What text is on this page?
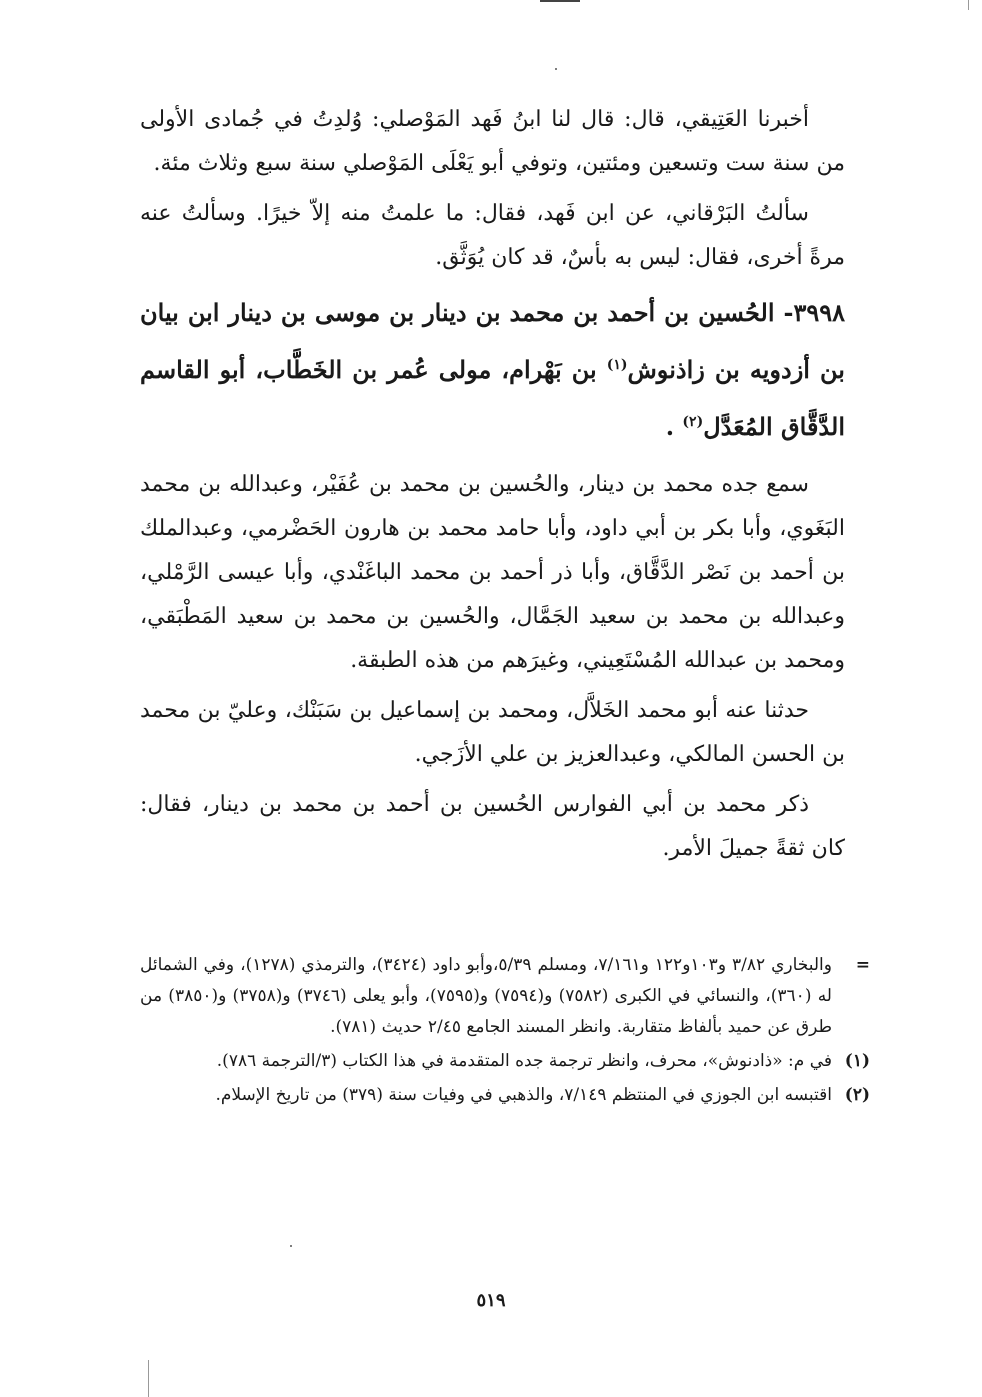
أخبرنا العَتِيقي، قال: قال لنا ابنُ فَهد المَوْصلي: وُلدِتُ في جُمادى الأولى من سنة ست وتسعين ومئتين، وتوفي أبو يَعْلَى المَوْصلي سنة سبع وثلاث مئة.

سألتُ البَرْقاني، عن ابن فَهد، فقال: ما علمتُ منه إلاّ خيرًا. وسألتُ عنه مرةً أخرى، فقال: ليس به بأسٌ، قد كان يُوَثَّق.

٣٩٩٨- الحُسين بن أحمد بن محمد بن دينار بن موسى بن دينار ابن بيان بن أزدويه بن زاذنوش$^{(١)}$ بن بَهْرام، مولى عُمر بن الخَطَّاب، أبو القاسم الدَّقَّاق المُعَدَّل$^{(٢)}$ .

سمع جده محمد بن دينار، والحُسين بن محمد بن عُفَيْر، وعبدالله بن محمد البَغَوي، وأبا بكر بن أبي داود، وأبا حامد محمد بن هارون الحَضْرمي، وعبدالملك بن أحمد بن نَصْر الدَّقَّاق، وأبا ذر أحمد بن محمد الباغَنْدي، وأبا عيسى الرَّمْلي، وعبدالله بن محمد بن سعيد الجَمَّال، والحُسين بن محمد بن سعيد المَطْبَقي، ومحمد بن عبدالله المُسْتَعِيني، وغيرَهم من هذه الطبقة.

حدثنا عنه أبو محمد الخَلاَّل، ومحمد بن إسماعيل بن سَبَنْك، وعليّ بن محمد بن الحسن المالكي، وعبدالعزيز بن علي الأزَجي.

ذكر محمد بن أبي الفوارس الحُسين بن أحمد بن محمد بن دينار، فقال: كان ثقةً جميلَ الأمر.

=
والبخاري ٣/٨٢ و١٠٣و١٢٢ و٧/١٦١، ومسلم ٥/٣٩،وأبو داود (٣٤٢٤)، والترمذي (١٢٧٨)، وفي الشمائل له (٣٦٠)، والنسائي في الكبرى (٧٥٨٢) و(٧٥٩٤) و(٧٥٩٥)، وأبو يعلى (٣٧٤٦) و(٣٧٥٨) و(٣٨٥٠) من طرق عن حميد بألفاظ متقاربة. وانظر المسند الجامع ٢/٤٥ حديث (٧٨١).
(١)
في م: «ذادنوش»، محرف، وانظر ترجمة جده المتقدمة في هذا الكتاب (٣/الترجمة ٧٨٦).
(٢)
اقتبسه ابن الجوزي في المنتظم ٧/١٤٩، والذهبي في وفيات سنة (٣٧٩) من تاريخ الإسلام.
٥١٩
